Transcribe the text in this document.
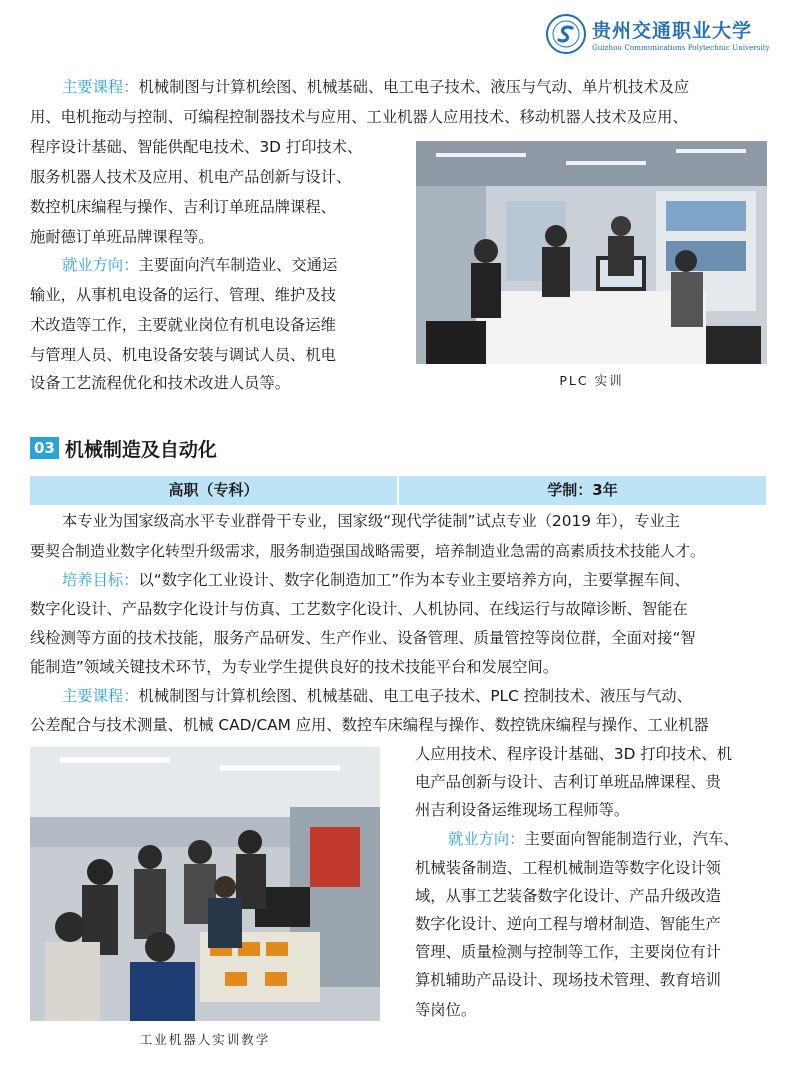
贵州交通职业大学
Guizhou Communications Polytechnic University

主要课程：机械制图与计算机绘图、机械基础、电工电子技术、液压与气动、单片机技术及应

用、电机拖动与控制、可编程控制器技术与应用、工业机器人应用技术、移动机器人技术及应用、

程序设计基础、智能供配电技术、3D 打印技术、

服务机器人技术及应用、机电产品创新与设计、

数控机床编程与操作、吉利订单班品牌课程、

施耐德订单班品牌课程等。

就业方向：主要面向汽车制造业、交通运

输业，从事机电设备的运行、管理、维护及技

术改造等工作，主要就业岗位有机电设备运维

与管理人员、机电设备安装与调试人员、机电

设备工艺流程优化和技术改进人员等。	PLC 实训
03 机械制造及自动化
高职（专科）	学制：3年

本专业为国家级高水平专业群骨干专业，国家级“现代学徒制”试点专业（2019 年），专业主

要契合制造业数字化转型升级需求，服务制造强国战略需要，培养制造业急需的高素质技术技能人才。

培养目标：以“数字化工业设计、数字化制造加工”作为本专业主要培养方向，主要掌握车间、

数字化设计、产品数字化设计与仿真、工艺数字化设计、人机协同、在线运行与故障诊断、智能在

线检测等方面的技术技能，服务产品研发、生产作业、设备管理、质量管控等岗位群，全面对接“智

能制造”领域关键技术环节，为专业学生提供良好的技术技能平台和发展空间。

主要课程：机械制图与计算机绘图、机械基础、电工电子技术、PLC 控制技术、液压与气动、

公差配合与技术测量、机械 CAD/CAM 应用、数控车床编程与操作、数控铣床编程与操作、工业机器

人应用技术、程序设计基础、3D 打印技术、机

电产品创新与设计、吉利订单班品牌课程、贵

州吉利设备运维现场工程师等。

就业方向：主要面向智能制造行业，汽车、

机械装备制造、工程机械制造等数字化设计领

域，从事工艺装备数字化设计、产品升级改造

数字化设计、逆向工程与增材制造、智能生产

管理、质量检测与控制等工作，主要岗位有计

算机辅助产品设计、现场技术管理、教育培训

等岗位。

工业机器人实训教学
